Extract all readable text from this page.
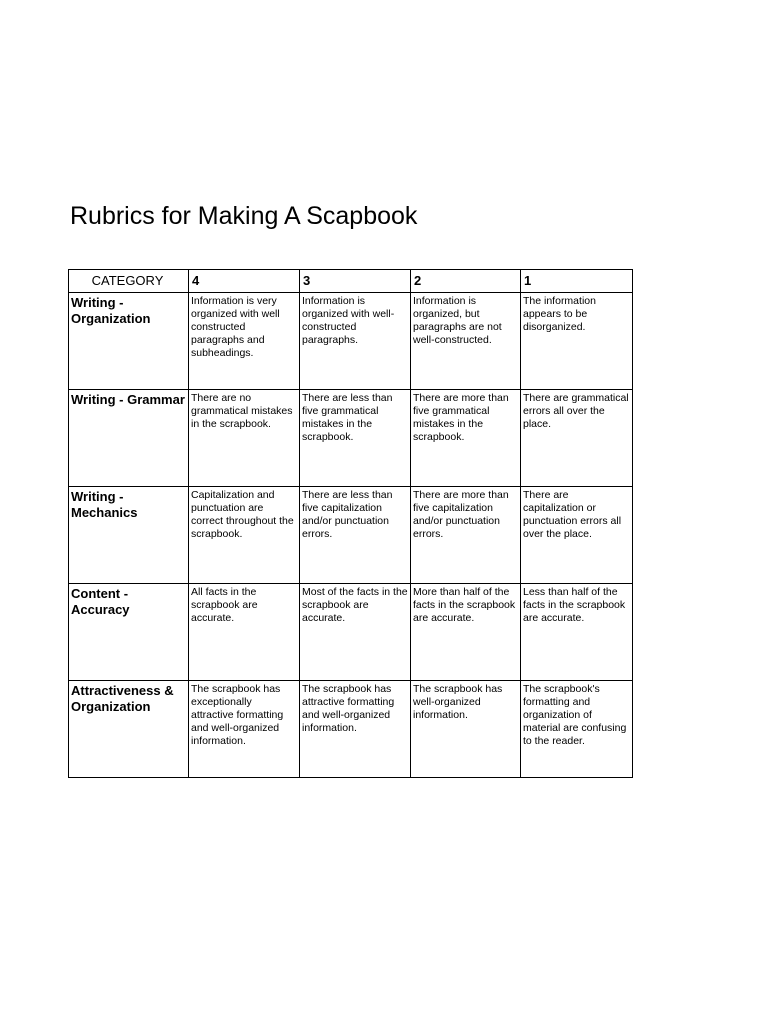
Rubrics for Making A Scapbook
CATEGORY	4	3	2	1
Writing - Organization	Information is very organized with well constructed paragraphs and subheadings.	Information is organized with well-constructed paragraphs.	Information is organized, but paragraphs are not well-constructed.	The information appears to be disorganized.
Writing - Grammar	There are no grammatical mistakes in the scrapbook.	There are less than five grammatical mistakes in the scrapbook.	There are more than five grammatical mistakes in the scrapbook.	There are grammatical errors all over the place.
Writing - Mechanics	Capitalization and punctuation are correct throughout the scrapbook.	There are less than five capitalization and/or punctuation errors.	There are more than five capitalization and/or punctuation errors.	There are capitalization or punctuation errors all over the place.
Content - Accuracy	All facts in the scrapbook are accurate.	Most of the facts in the scrapbook are accurate.	More than half of the facts in the scrapbook are accurate.	Less than half of the facts in the scrapbook are accurate.
Attractiveness & Organization	The scrapbook has exceptionally attractive formatting and well-organized information.	The scrapbook has attractive formatting and well-organized information.	The scrapbook has well-organized information.	The scrapbook's formatting and organization of material are confusing to the reader.
